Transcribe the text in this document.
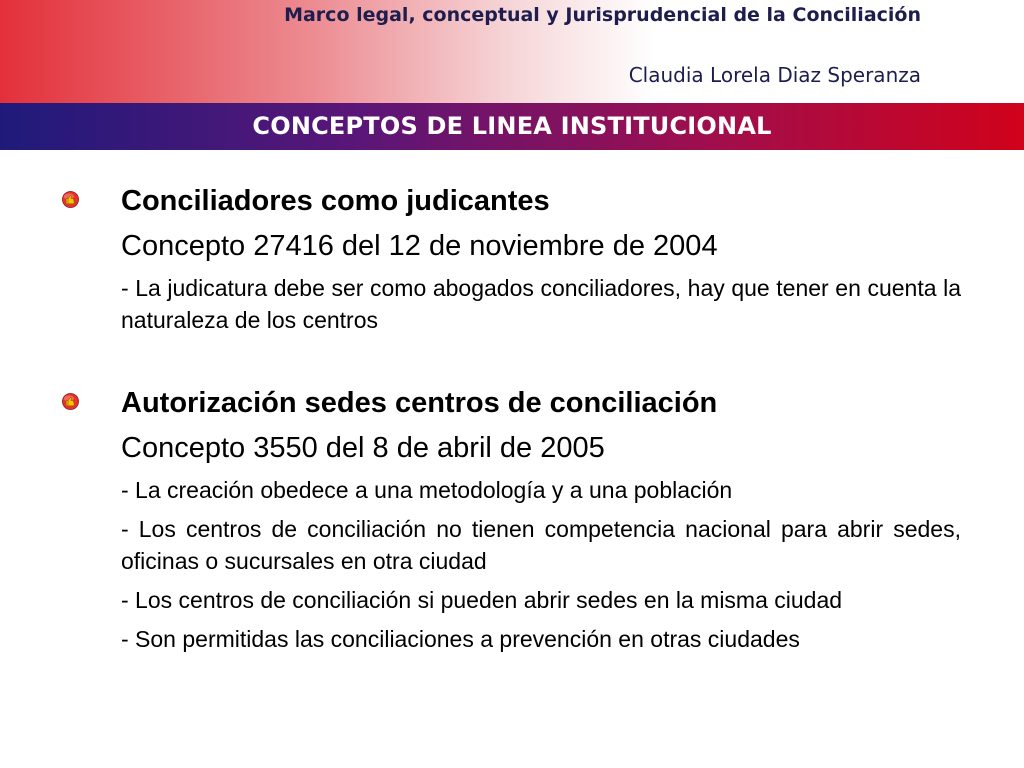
Marco legal, conceptual y Jurisprudencial de la Conciliación
Claudia Lorela Diaz Speranza
CONCEPTOS DE LINEA INSTITUCIONAL
Conciliadores como judicantes
Concepto 27416 del 12 de noviembre de 2004
- La judicatura debe ser como abogados conciliadores, hay que tener en cuenta la naturaleza de los centros
Autorización sedes centros de conciliación
Concepto 3550 del 8 de abril de 2005
- La creación obedece a una metodología y a una población
- Los centros de conciliación no tienen competencia nacional para abrir sedes, oficinas o sucursales en otra ciudad
- Los centros de conciliación si pueden abrir sedes en la misma ciudad
- Son permitidas las conciliaciones a prevención en otras ciudades
